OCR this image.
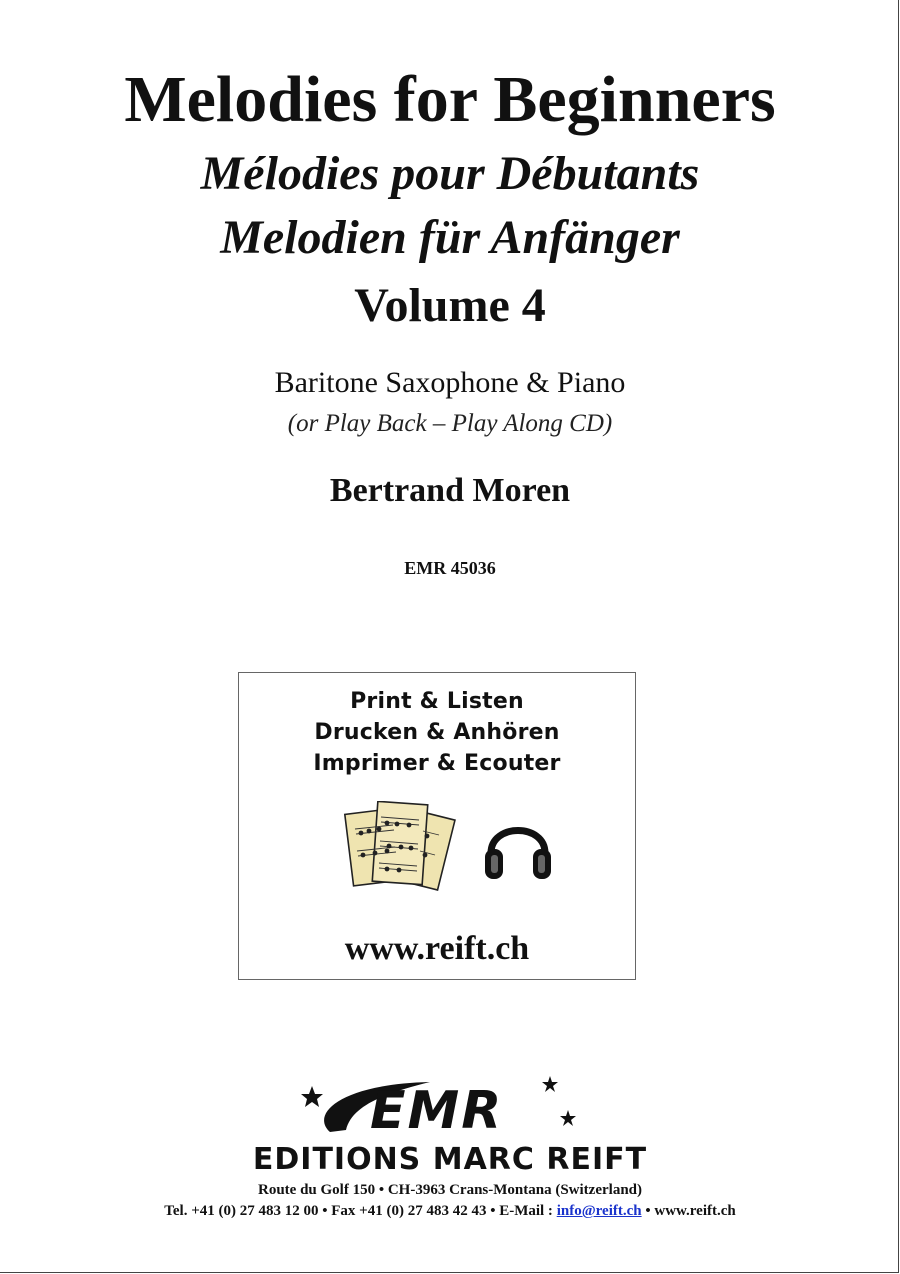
Melodies for Beginners
Mélodies pour Débutants
Melodien für Anfänger
Volume 4
Baritone Saxophone & Piano
(or Play Back – Play Along CD)
Bertrand Moren
EMR 45036
Print & Listen
Drucken & Anhören
Imprimer & Ecouter
www.reift.ch
EMR
EDITIONS MARC REIFT
Route du Golf 150 • CH-3963 Crans-Montana (Switzerland)
Tel. +41 (0) 27 483 12 00 • Fax +41 (0) 27 483 42 43 • E-Mail : info@reift.ch • www.reift.ch
